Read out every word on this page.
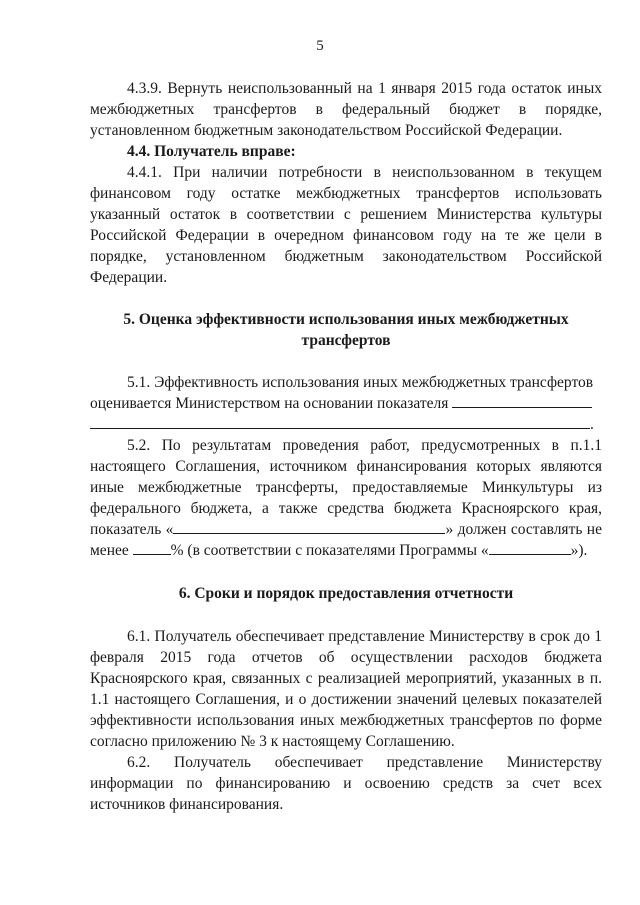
5

4.3.9. Вернуть неиспользованный на 1 января 2015 года остаток иных межбюджетных трансфертов в федеральный бюджет в порядке, установленном бюджетным законодательством Российской Федерации.

4.4. Получатель вправе:

4.4.1. При наличии потребности в неиспользованном в текущем финансовом году остатке межбюджетных трансфертов использовать указанный остаток в соответствии с решением Министерства культуры Российской Федерации в очередном финансовом году на те же цели в порядке, установленном бюджетным законодательством Российской Федерации.

5. Оценка эффективности использования иных межбюджетных трансфертов

5.1. Эффективность использования иных межбюджетных трансфертов оценивается Министерством на основании показателя

.

5.2. По результатам проведения работ, предусмотренных в п.1.1 настоящего Соглашения, источником финансирования которых являются иные межбюджетные трансферты, предоставляемые Минкультуры из федерального бюджета, а также средства бюджета Красноярского края, показатель «	» должен составлять не менее	% (в соответствии с показателями Программы «	»).

6. Сроки и порядок предоставления отчетности

6.1. Получатель обеспечивает представление Министерству в срок до 1 февраля 2015 года отчетов об осуществлении расходов бюджета Красноярского края, связанных с реализацией мероприятий, указанных в п. 1.1 настоящего Соглашения, и о достижении значений целевых показателей эффективности использования иных межбюджетных трансфертов по форме согласно приложению № 3 к настоящему Соглашению.

6.2. Получатель обеспечивает представление Министерству информации по финансированию и освоению средств за счет всех источников финансирования.
